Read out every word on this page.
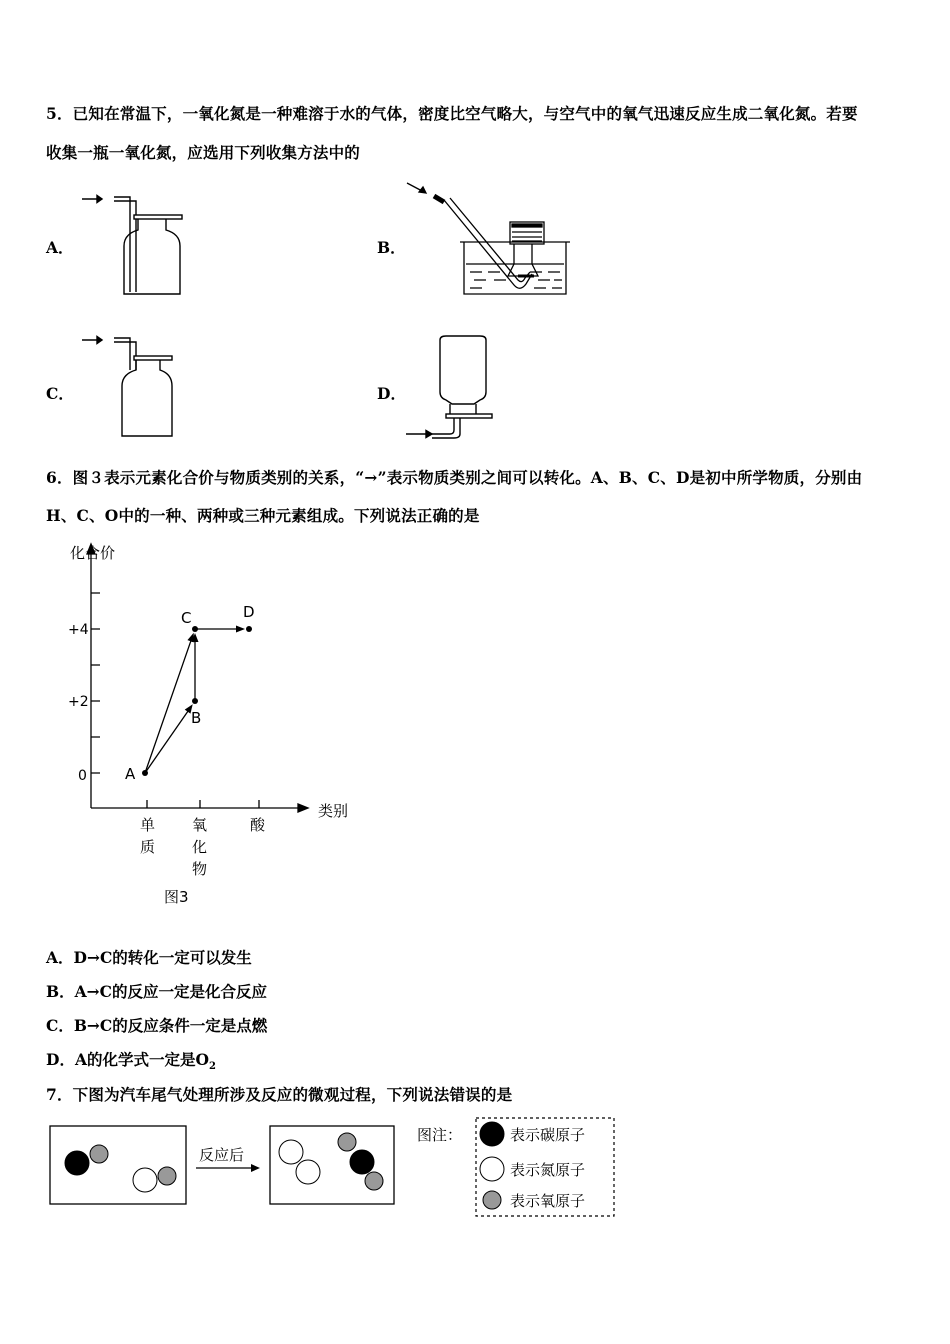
5．已知在常温下，一氧化氮是一种难溶于水的气体，密度比空气略大，与空气中的氧气迅速反应生成二氧化氮。若要
收集一瓶一氧化氮，应选用下列收集方法中的
A．	B．
C．	D．
6．图３表示元素化合价与物质类别的关系，“→”表示物质类别之间可以转化。A、B、C、D是初中所学物质，分别由
H、C、O中的一种、两种或三种元素组成。下列说法正确的是
化合价
类别
+4
+2
0
单
质
氧
化
物
酸
A
B
C	D
图3
A．D→C的转化一定可以发生
B．A→C的反应一定是化合反应
C．B→C的反应条件一定是点燃
D．A的化学式一定是$O_2$
7．下图为汽车尾气处理所涉及反应的微观过程，下列说法错误的是
反应后
图注：	表示碳原子
表示氮原子
表示氧原子
